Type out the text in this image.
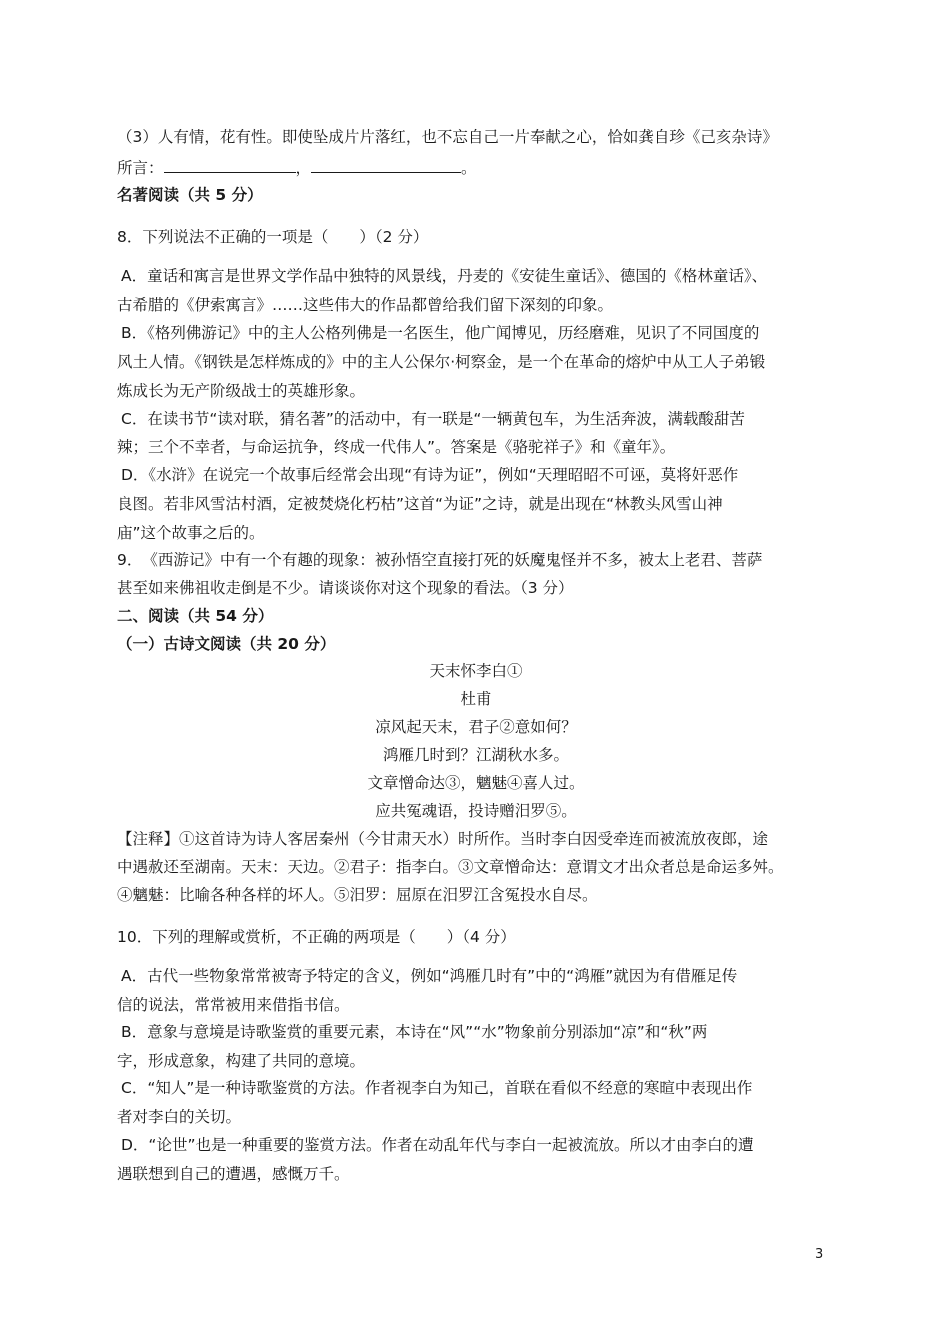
（3）人有情，花有性。即使坠成片片落红，也不忘自己一片奉献之心，恰如龚自珍《己亥杂诗》
所言：	，	。
名著阅读（共 5 分）
8．下列说法不正确的一项是（　　）（2 分）
A．童话和寓言是世界文学作品中独特的风景线，丹麦的《安徒生童话》、德国的《格林童话》、
古希腊的《伊索寓言》……这些伟大的作品都曾给我们留下深刻的印象。
B．《格列佛游记》中的主人公格列佛是一名医生，他广闻博见，历经磨难，见识了不同国度的
风土人情。《钢铁是怎样炼成的》中的主人公保尔·柯察金，是一个在革命的熔炉中从工人子弟锻
炼成长为无产阶级战士的英雄形象。
C．在读书节“读对联，猜名著”的活动中，有一联是“一辆黄包车，为生活奔波，满载酸甜苦
辣；三个不幸者，与命运抗争，终成一代伟人”。答案是《骆驼祥子》和《童年》。
D．《水浒》在说完一个故事后经常会出现“有诗为证”，例如“天理昭昭不可诬，莫将奸恶作
良图。若非风雪沽村酒，定被焚烧化朽枯”这首“为证”之诗，就是出现在“林教头风雪山神
庙”这个故事之后的。
9．　《西游记》中有一个有趣的现象：被孙悟空直接打死的妖魔鬼怪并不多，被太上老君、菩萨
甚至如来佛祖收走倒是不少。请谈谈你对这个现象的看法。（3 分）
二、阅读（共 54 分）
（一）古诗文阅读（共 20 分）
天末怀李白①
杜甫
凉风起天末，君子②意如何？
鸿雁几时到？江湖秋水多。
文章憎命达③，魑魅④喜人过。
应共冤魂语，投诗赠汨罗⑤。
【注释】①这首诗为诗人客居秦州（今甘肃天水）时所作。当时李白因受牵连而被流放夜郎，途
中遇赦还至湖南。天末：天边。②君子：指李白。③文章憎命达：意谓文才出众者总是命运多舛。
④魑魅：比喻各种各样的坏人。⑤汨罗：屈原在汨罗江含冤投水自尽。
10．下列的理解或赏析，不正确的两项是（　　）（4 分）
A．古代一些物象常常被寄予特定的含义，例如“鸿雁几时有”中的“鸿雁”就因为有借雁足传
信的说法，常常被用来借指书信。
B．意象与意境是诗歌鉴赏的重要元素，本诗在“风”“水”物象前分别添加“凉”和“秋”两
字，形成意象，构建了共同的意境。
C．“知人”是一种诗歌鉴赏的方法。作者视李白为知己，首联在看似不经意的寒暄中表现出作
者对李白的关切。
D．“论世”也是一种重要的鉴赏方法。作者在动乱年代与李白一起被流放。所以才由李白的遭
遇联想到自己的遭遇，感慨万千。
3
